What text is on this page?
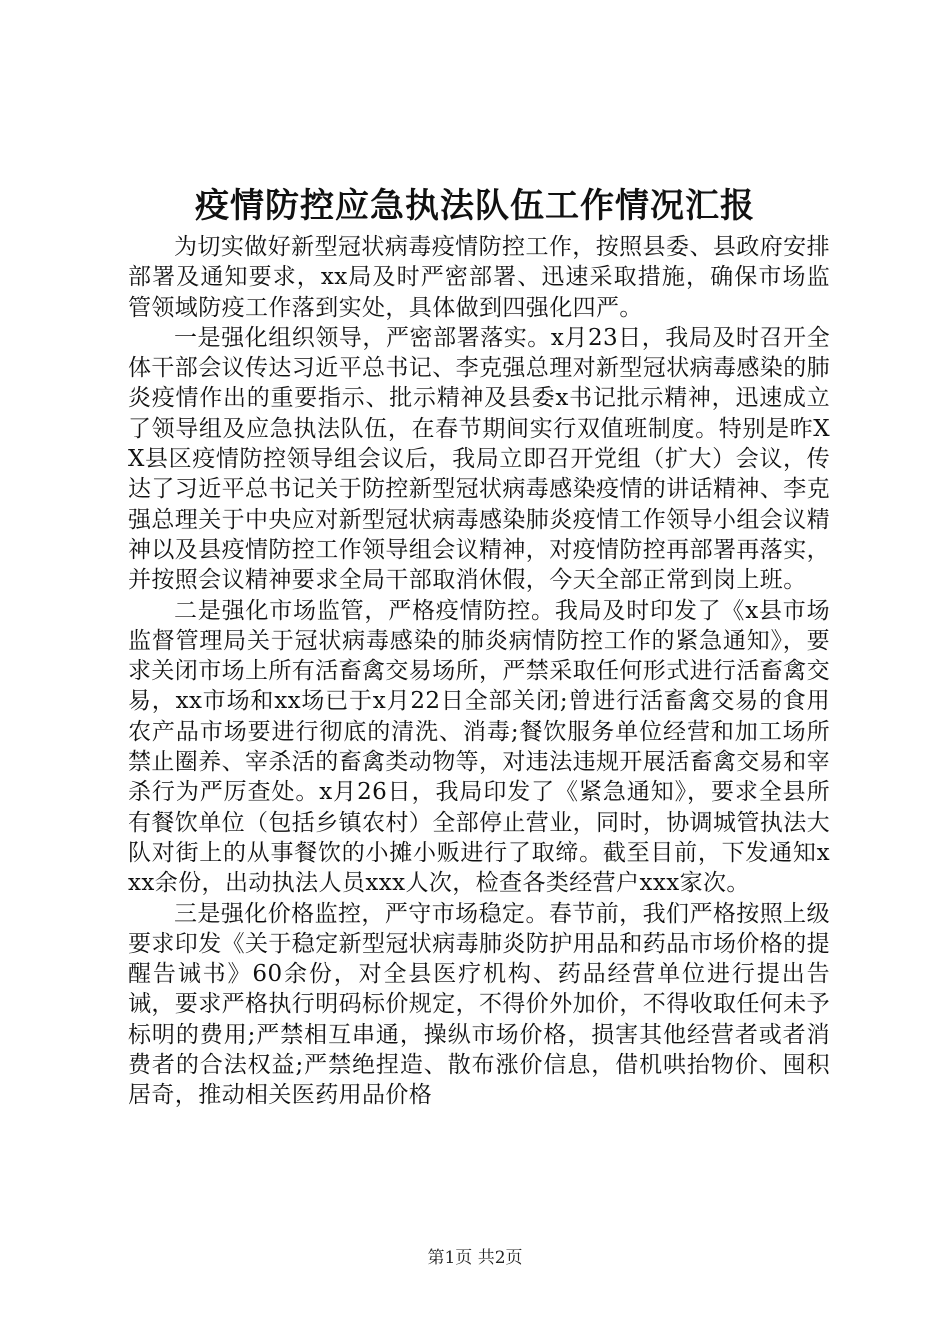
疫情防控应急执法队伍工作情况汇报

为切实做好新型冠状病毒疫情防控工作，按照县委、县政府安排部署及通知要求，xx局及时严密部署、迅速采取措施，确保市场监管领域防疫工作落到实处，具体做到四强化四严。

一是强化组织领导，严密部署落实。x月23日，我局及时召开全体干部会议传达习近平总书记、李克强总理对新型冠状病毒感染的肺炎疫情作出的重要指示、批示精神及县委x书记批示精神，迅速成立了领导组及应急执法队伍，在春节期间实行双值班制度。特别是昨XX县区疫情防控领导组会议后，我局立即召开党组（扩大）会议，传达了习近平总书记关于防控新型冠状病毒感染疫情的讲话精神、李克强总理关于中央应对新型冠状病毒感染肺炎疫情工作领导小组会议精神以及县疫情防控工作领导组会议精神，对疫情防控再部署再落实，并按照会议精神要求全局干部取消休假，今天全部正常到岗上班。

二是强化市场监管，严格疫情防控。我局及时印发了《x县市场监督管理局关于冠状病毒感染的肺炎病情防控工作的紧急通知》，要求关闭市场上所有活畜禽交易场所，严禁采取任何形式进行活畜禽交易，xx市场和xx场已于x月22日全部关闭;曾进行活畜禽交易的食用农产品市场要进行彻底的清洗、消毒;餐饮服务单位经营和加工场所禁止圈养、宰杀活的畜禽类动物等，对违法违规开展活畜禽交易和宰杀行为严厉查处。x月26日，我局印发了《紧急通知》，要求全县所有餐饮单位（包括乡镇农村）全部停止营业，同时，协调城管执法大队对街上的从事餐饮的小摊小贩进行了取缔。截至目前，下发通知xxx余份，出动执法人员xxx人次，检查各类经营户xxx家次。

三是强化价格监控，严守市场稳定。春节前，我们严格按照上级要求印发《关于稳定新型冠状病毒肺炎防护用品和药品市场价格的提醒告诫书》60余份，对全县医疗机构、药品经营单位进行提出告诫，要求严格执行明码标价规定，不得价外加价，不得收取任何未予标明的费用;严禁相互串通，操纵市场价格，损害其他经营者或者消费者的合法权益;严禁绝捏造、散布涨价信息，借机哄抬物价、囤积居奇，推动相关医药用品价格

第1页 共2页
